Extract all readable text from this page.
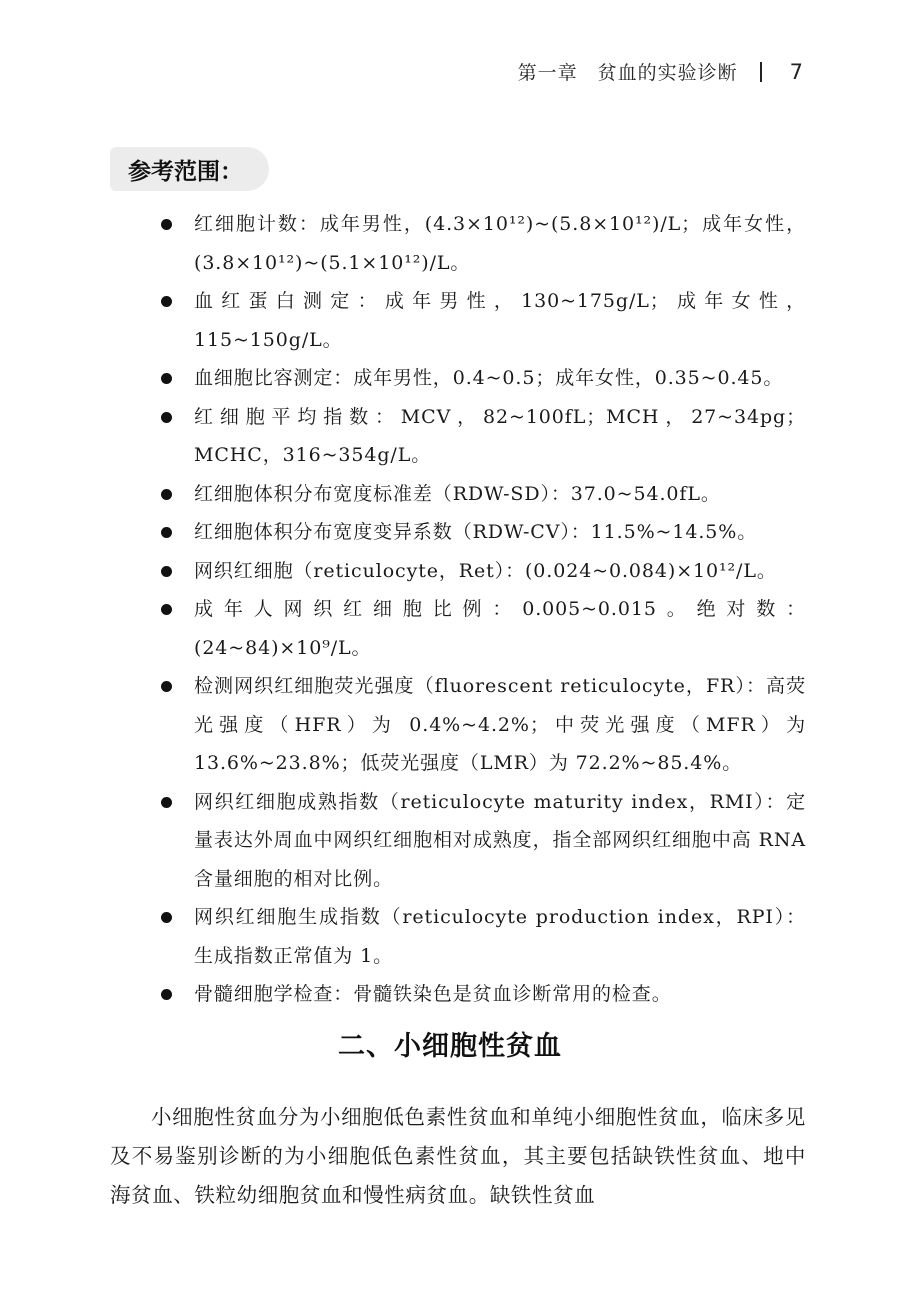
第一章　贫血的实验诊断 7
参考范围：
红细胞计数：成年男性，(4.3×10¹²)~(5.8×10¹²)/L；成年女性，(3.8×10¹²)~(5.1×10¹²)/L。
血红蛋白测定：成年男性，130~175g/L；成年女性，115~150g/L。
血细胞比容测定：成年男性，0.4~0.5；成年女性，0.35~0.45。
红细胞平均指数：MCV，82~100fL；MCH，27~34pg；MCHC，316~354g/L。
红细胞体积分布宽度标准差（RDW-SD）：37.0~54.0fL。
红细胞体积分布宽度变异系数（RDW-CV）：11.5%~14.5%。
网织红细胞（reticulocyte，Ret）：(0.024~0.084)×10¹²/L。
成年人网织红细胞比例：0.005~0.015。绝对数：(24~84)×10⁹/L。
检测网织红细胞荧光强度（fluorescent reticulocyte，FR）：高荧光强度（HFR）为 0.4%~4.2%；中荧光强度（MFR）为 13.6%~23.8%；低荧光强度（LMR）为 72.2%~85.4%。
网织红细胞成熟指数（reticulocyte maturity index，RMI）：定量表达外周血中网织红细胞相对成熟度，指全部网织红细胞中高 RNA 含量细胞的相对比例。
网织红细胞生成指数（reticulocyte production index，RPI）：生成指数正常值为 1。
骨髓细胞学检查：骨髓铁染色是贫血诊断常用的检查。
二、小细胞性贫血

小细胞性贫血分为小细胞低色素性贫血和单纯小细胞性贫血，临床多见及不易鉴别诊断的为小细胞低色素性贫血，其主要包括缺铁性贫血、地中海贫血、铁粒幼细胞贫血和慢性病贫血。缺铁性贫血
